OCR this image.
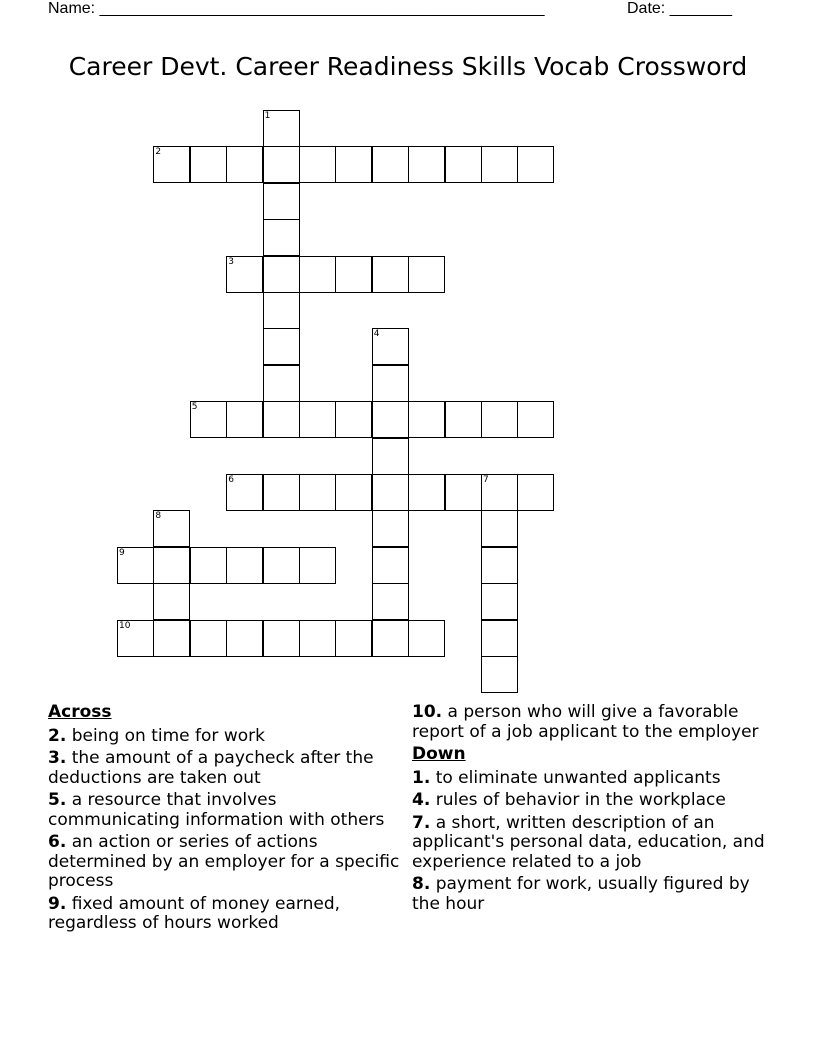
Name: __________________________________________________	Date: _______
Career Devt. Career Readiness Skills Vocab Crossword
1
2
3
4
5
6	7
8
9
10
Across
2. being on time for work
3. the amount of a paycheck after the deductions are taken out
5. a resource that involves communicating information with others
6. an action or series of actions determined by an employer for a specific process
9. fixed amount of money earned, regardless of hours worked
10. a person who will give a favorable report of a job applicant to the employer
Down
1. to eliminate unwanted applicants
4. rules of behavior in the workplace
7. a short, written description of an applicant's personal data, education, and experience related to a job
8. payment for work, usually figured by the hour
